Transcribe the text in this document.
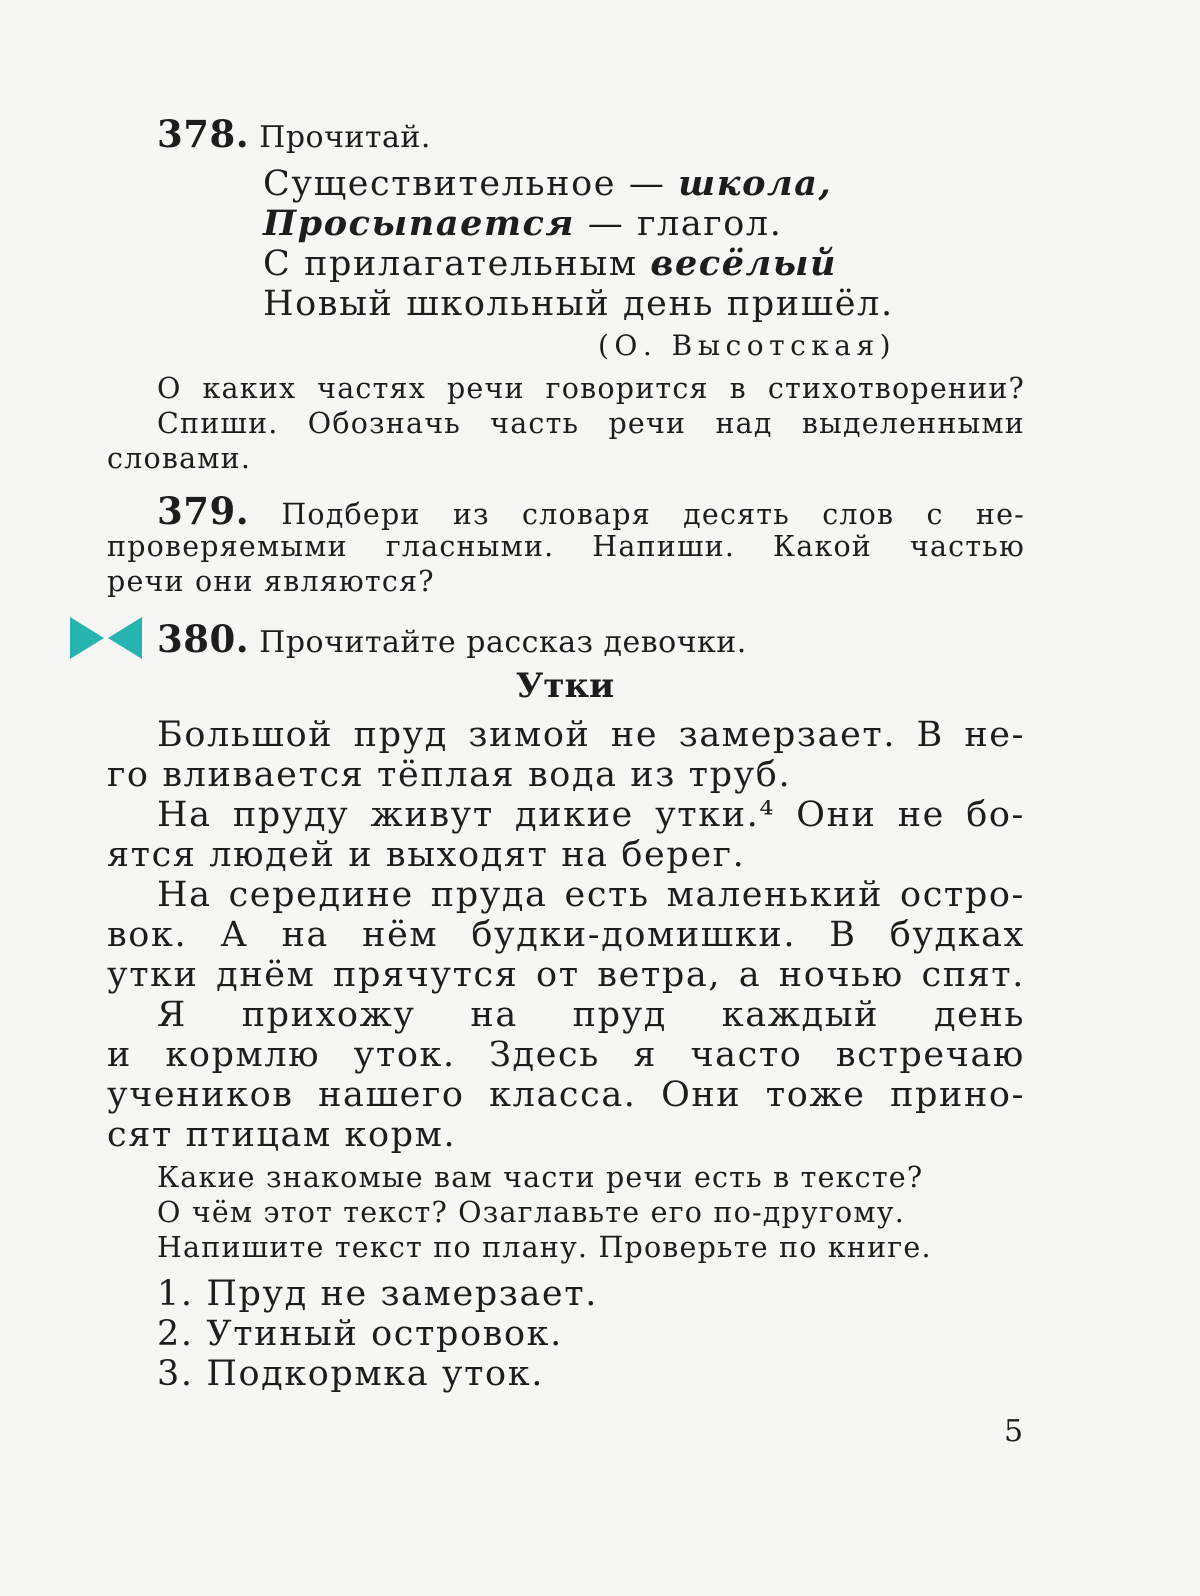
378. Прочитай.
Существительное — школа,
Просыпается — глагол.
С прилагательным весёлый
Новый школьный день пришёл.
(О. Высотская)
О каких частях речи говорится в стихотворении?
Спиши. Обозначь часть речи над выделенными
словами.
379. Подбери из словаря десять слов с не-
проверяемыми гласными. Напиши. Какой частью
речи они являются?
380. Прочитайте рассказ девочки.
Утки
Большой пруд зимой не замерзает. В не-
го вливается тёплая вода из труб.
На пруду живут дикие утки.⁴ Они не бо-
ятся людей и выходят на берег.
На середине пруда есть маленький остро-
вок. А на нём будки-домишки. В будках
утки днём прячутся от ветра, а ночью спят.
Я прихожу на пруд каждый день
и кормлю уток. Здесь я часто встречаю
учеников нашего класса. Они тоже прино-
сят птицам корм.
Какие знакомые вам части речи есть в тексте?
О чём этот текст? Озаглавьте его по-другому.
Напишите текст по плану. Проверьте по книге.
1. Пруд не замерзает.
2. Утиный островок.
3. Подкормка уток.
5
